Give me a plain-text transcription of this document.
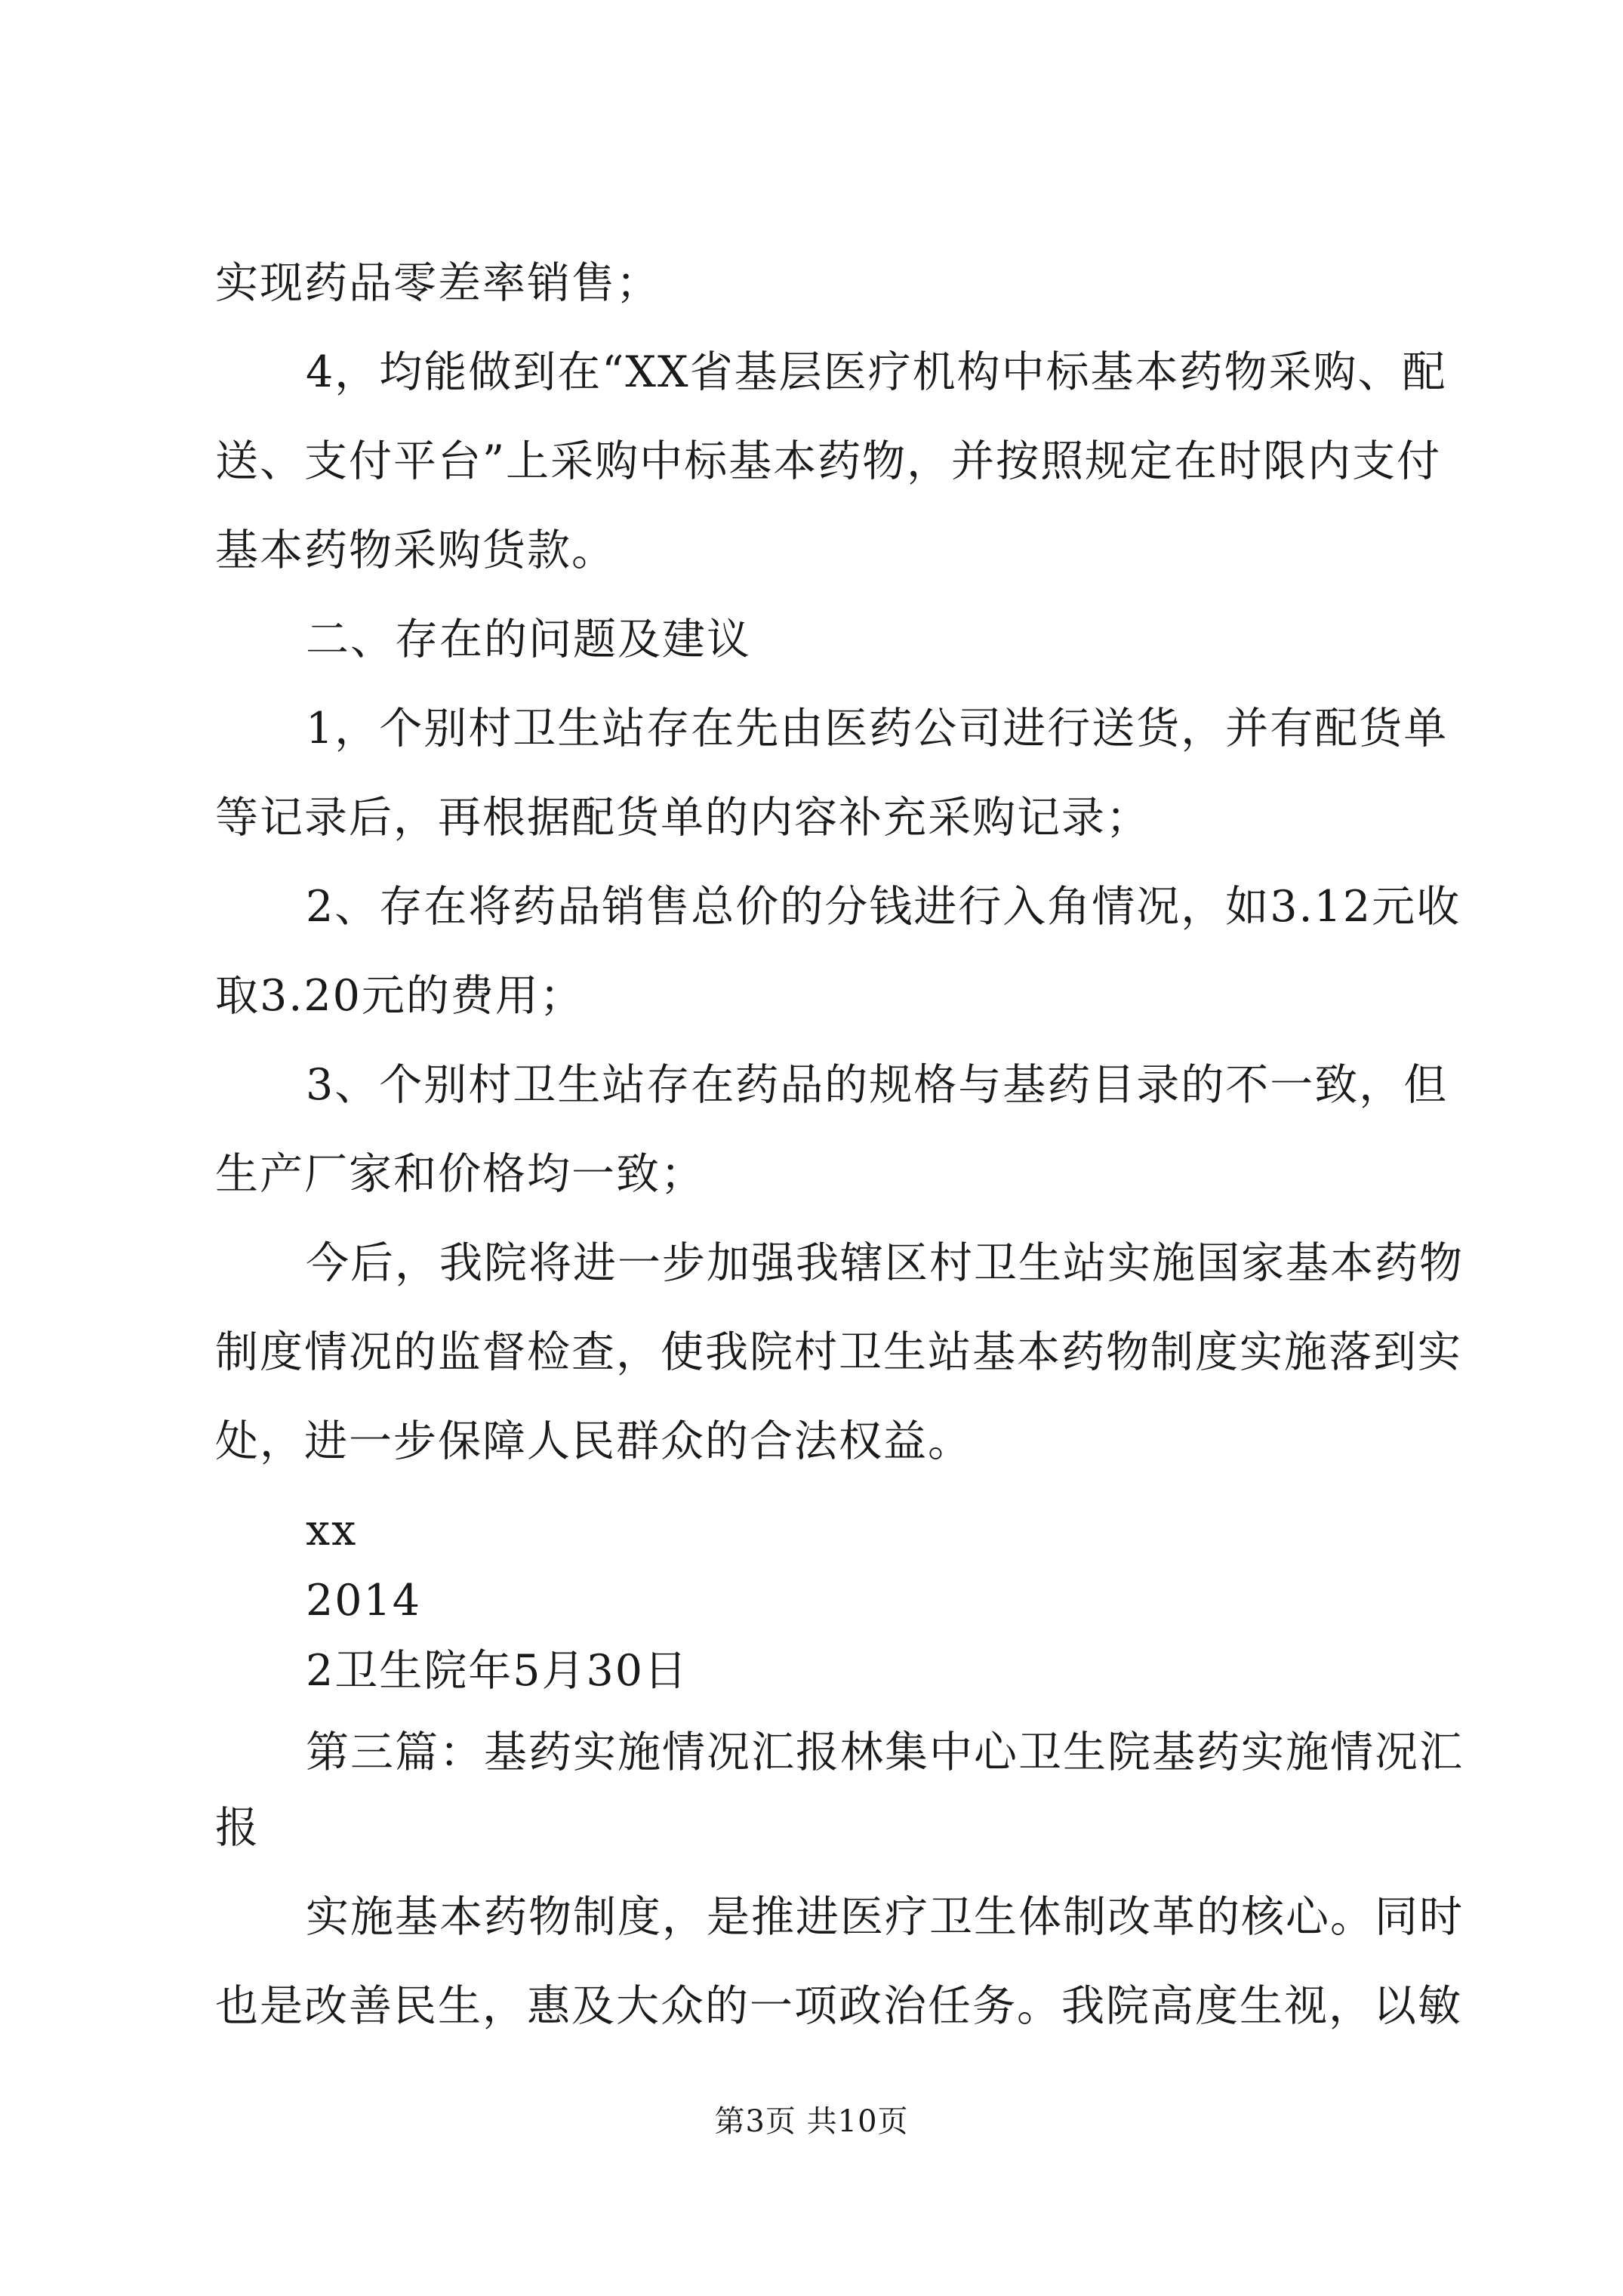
实现药品零差率销售；
4，均能做到在“XX省基层医疗机构中标基本药物采购、配
送、支付平台”上采购中标基本药物，并按照规定在时限内支付
基本药物采购货款。
二、存在的问题及建议
1，个别村卫生站存在先由医药公司进行送货，并有配货单
等记录后，再根据配货单的内容补充采购记录；
2、存在将药品销售总价的分钱进行入角情况，如3.12元收
取3.20元的费用；
3、个别村卫生站存在药品的规格与基药目录的不一致，但
生产厂家和价格均一致；
今后，我院将进一步加强我辖区村卫生站实施国家基本药物
制度情况的监督检查，使我院村卫生站基本药物制度实施落到实
处，进一步保障人民群众的合法权益。
xx
2014
2卫生院年5月30日
第三篇：基药实施情况汇报林集中心卫生院基药实施情况汇
报
实施基本药物制度，是推进医疗卫生体制改革的核心。同时
也是改善民生，惠及大众的一项政治任务。我院高度生视，以敏
第3页 共10页
